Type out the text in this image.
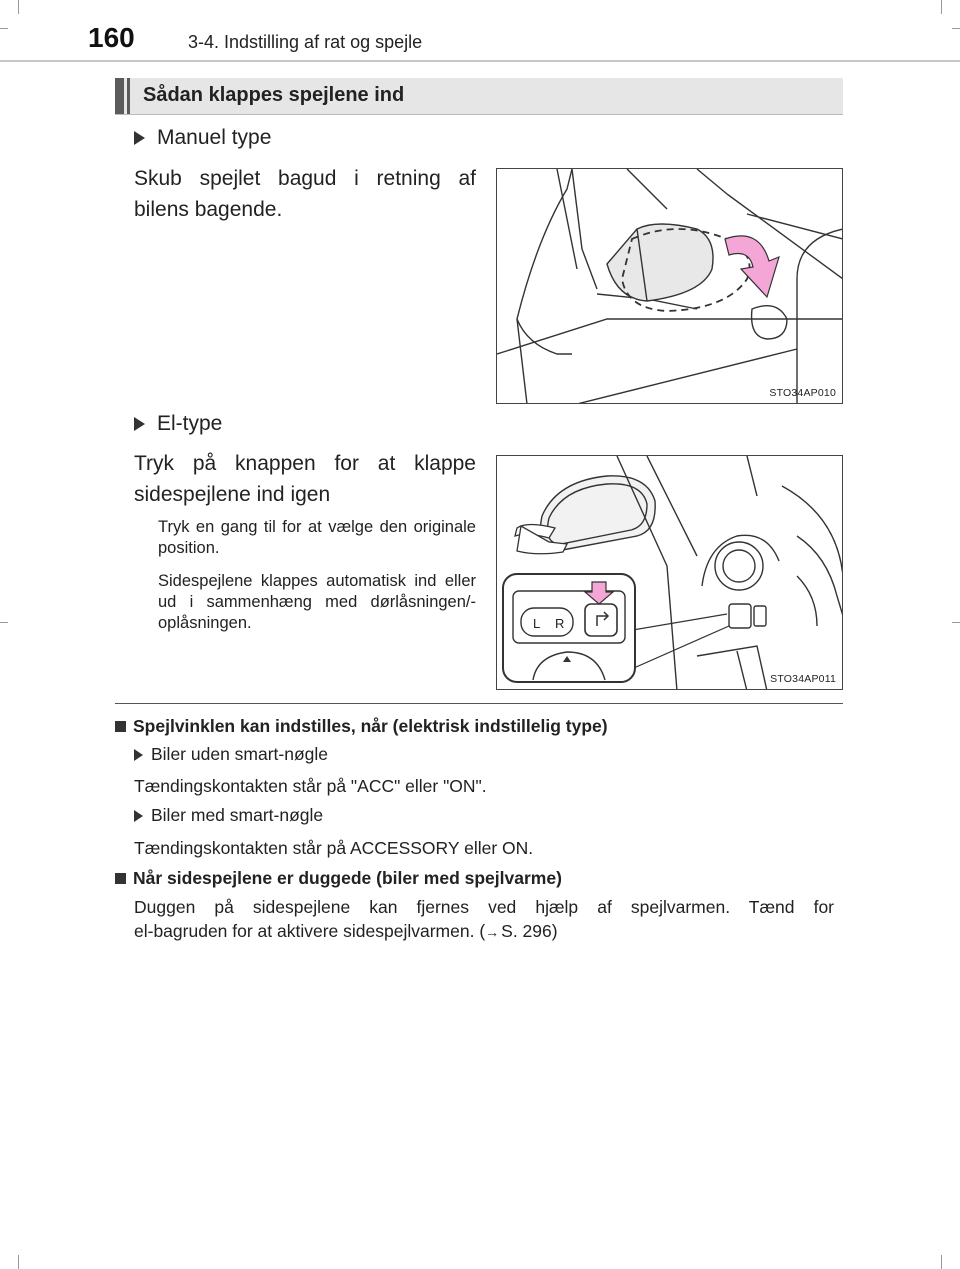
160	3-4. Indstilling af rat og spejle
Sådan klappes spejlene ind
Manuel type
Skub spejlet bagud i retning af bilens bagende.
STO34AP010
El-type
Tryk på knappen for at klappe sidespejlene ind igen
Tryk en gang til for at vælge den originale position.
Sidespejlene klappes automatisk ind eller ud i sammenhæng med dørlåsningen/-oplåsningen.	L R
STO34AP011
Spejlvinklen kan indstilles, når (elektrisk indstillelig type)
Biler uden smart-nøgle
Tændingskontakten står på "ACC" eller "ON".
Biler med smart-nøgle
Tændingskontakten står på ACCESSORY eller ON.
Når sidespejlene er duggede (biler med spejlvarme)
Duggen på sidespejlene kan fjernes ved hjælp af spejlvarmen. Tænd for
el-bagruden for at aktivere sidespejlvarmen. (→ S. 296)
